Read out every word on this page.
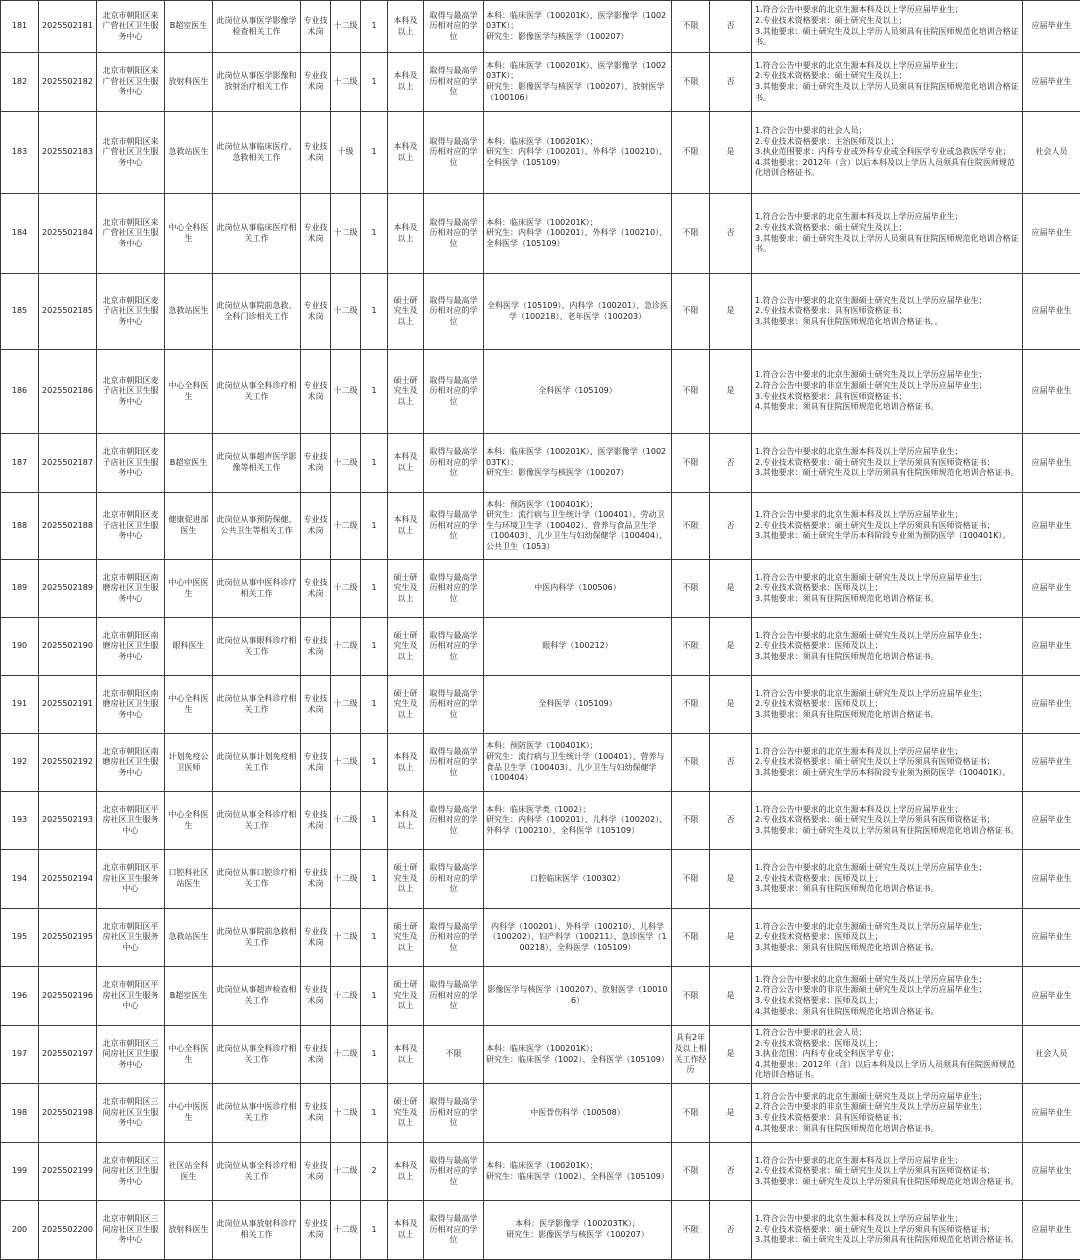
181	2025502181	北京市朝阳区来广营社区卫生服务中心	B超室医生	此岗位从事医学影像学检查相关工作	专业技术岗	十二级	1	本科及以上	取得与最高学历相对应的学位	本科：临床医学（100201K）、医学影像学（100203TK）；
研究生：影像医学与核医学（100207）	不限	否	1.符合公告中要求的北京生源本科及以上学历应届毕业生；
2.专业技术资格要求：硕士研究生及以上；
3.其他要求：硕士研究生及以上学历人员须具有住院医师规范化培训合格证书。	应届毕业生
182	2025502182	北京市朝阳区来广营社区卫生服务中心	放射科医生	此岗位从事医学影像和放射治疗相关工作	专业技术岗	十二级	1	本科及以上	取得与最高学历相对应的学位	本科：临床医学（100201K）、医学影像学（100203TK）；
研究生：影像医学与核医学（100207）、放射医学（100106）	不限	否	1.符合公告中要求的北京生源本科及以上学历应届毕业生；
2.专业技术资格要求：硕士研究生及以上；
3.其他要求：硕士研究生及以上学历人员须具有住院医师规范化培训合格证书。	应届毕业生
183	2025502183	北京市朝阳区来广营社区卫生服务中心	急救站医生	此岗位从事临床医疗、急救相关工作	专业技术岗	十级	1	本科及以上	取得与最高学历相对应的学位	本科：临床医学（100201K）；
研究生：内科学（100201）、外科学（100210）、全科医学（105109）	不限	是	1.符合公告中要求的社会人员；
2.专业技术资格要求：主治医师及以上；
3.执业范围要求：内科专业或外科专业或全科医学专业或急救医学专业；
4.其他要求：2012年（含）以后本科及以上学历人员须具有住院医师规范化培训合格证书。	社会人员
184	2025502184	北京市朝阳区来广营社区卫生服务中心	中心全科医生	此岗位从事临床医疗相关工作	专业技术岗	十二级	1	本科及以上	取得与最高学历相对应的学位	本科：临床医学（100201K）；
研究生：内科学（100201）、外科学（100210）、全科医学（105109）	不限	否	1.符合公告中要求的北京生源本科及以上学历应届毕业生；
2.专业技术资格要求：硕士研究生及以上；
3.其他要求：硕士研究生及以上学历人员须具有住院医师规范化培训合格证书。	应届毕业生
185	2025502185	北京市朝阳区麦子店社区卫生服务中心	急救站医生	此岗位从事院前急救、全科门诊相关工作	专业技术岗	十二级	1	硕士研究生及以上	取得与最高学历相对应的学位	全科医学（105109）、内科学（100201）、急诊医学（100218）、老年医学（100203）	不限	是	1.符合公告中要求的北京生源硕士研究生及以上学历应届毕业生；
2.专业技术资格要求：具有医师资格证书；
3.其他要求：须具有住院医师规范化培训合格证书，。	应届毕业生
186	2025502186	北京市朝阳区麦子店社区卫生服务中心	中心全科医生	此岗位从事全科诊疗相关工作	专业技术岗	十二级	1	硕士研究生及以上	取得与最高学历相对应的学位	全科医学（105109）	不限	是	1.符合公告中要求的北京生源硕士研究生及以上学历应届毕业生；
2.符合公告中要求的非京生源硕士研究生及以上学历应届毕业生；
3.专业技术资格要求：具有医师资格证书；
4.其他要求：须具有住院医师规范化培训合格证书。	应届毕业生
187	2025502187	北京市朝阳区麦子店社区卫生服务中心	B超室医生	此岗位从事超声医学影像等相关工作	专业技术岗	十二级	1	本科及以上	取得与最高学历相对应的学位	本科：临床医学（100201K）、医学影像学（100203TK）；
研究生：影像医学与核医学（100207）	不限	否	1.符合公告中要求的北京生源本科及以上学历应届毕业生；
2.专业技术资格要求：硕士研究生及以上学历须具有医师资格证书；
3.其他要求：硕士研究生及以上学历须具有住院医师规范化培训合格证书。	应届毕业生
188	2025502188	北京市朝阳区麦子店社区卫生服务中心	健康促进部医生	此岗位从事预防保健、公共卫生等相关工作	专业技术岗	十二级	1	本科及以上	取得与最高学历相对应的学位	本科：预防医学（100401K）；
研究生：流行病与卫生统计学（100401）、劳动卫生与环境卫生学（100402）、营养与食品卫生学（100403）、儿少卫生与妇幼保健学（100404）、公共卫生（1053）	不限	否	1.符合公告中要求的北京生源本科及以上学历应届毕业生；
2.专业技术资格要求：硕士研究生及以上学历须具有医师资格证书；
3.其他要求：硕士研究生学历本科阶段专业须为预防医学（100401K）。	应届毕业生
189	2025502189	北京市朝阳区南磨房社区卫生服务中心	中心中医医生	此岗位从事中医科诊疗相关工作	专业技术岗	十二级	1	硕士研究生及以上	取得与最高学历相对应的学位	中医内科学（100506）	不限	是	1.符合公告中要求的北京生源硕士研究生及以上学历应届毕业生；
2.专业技术资格要求：医师及以上；
3.其他要求：须具有住院医师规范化培训合格证书。	应届毕业生
190	2025502190	北京市朝阳区南磨房社区卫生服务中心	眼科医生	此岗位从事眼科诊疗相关工作	专业技术岗	十二级	1	硕士研究生及以上	取得与最高学历相对应的学位	眼科学（100212）	不限	是	1.符合公告中要求的北京生源硕士研究生及以上学历应届毕业生；
2.专业技术资格要求：医师及以上；
3.其他要求：须具有住院医师规范化培训合格证书。	应届毕业生
191	2025502191	北京市朝阳区南磨房社区卫生服务中心	中心全科医生	此岗位从事全科诊疗相关工作	专业技术岗	十二级	1	硕士研究生及以上	取得与最高学历相对应的学位	全科医学（105109）	不限	是	1.符合公告中要求的北京生源硕士研究生及以上学历应届毕业生；
2.专业技术资格要求：医师及以上；
3.其他要求：须具有住院医师规范化培训合格证书。	应届毕业生
192	2025502192	北京市朝阳区南磨房社区卫生服务中心	计划免疫公卫医师	此岗位从事计划免疫相关工作	专业技术岗	十二级	1	本科及以上	取得与最高学历相对应的学位	本科：预防医学（100401K）；
研究生：流行病与卫生统计学（100401）、营养与食品卫生学（100403）、儿少卫生与妇幼保健学（100404）	不限	否	1.符合公告中要求的北京生源本科及以上学历应届毕业生；
2.专业技术资格要求：硕士研究生及以上学历须具有医师资格证书；
3.其他要求：硕士研究生学历本科阶段专业须为预防医学（100401K）。	应届毕业生
193	2025502193	北京市朝阳区平房社区卫生服务中心	中心全科医生	此岗位从事全科诊疗相关工作	专业技术岗	十二级	1	本科及以上	取得与最高学历相对应的学位	本科：临床医学类（1002）；
研究生：内科学（100201）、儿科学（100202）、外科学（100210）、全科医学（105109）	不限	否	1.符合公告中要求的北京生源本科及以上学历应届毕业生；
2.专业技术资格要求：硕士研究生及以上学历须具有医师资格证书；
3.其他要求：硕士研究生及以上学历须具有住院医师规范化培训合格证书。	应届毕业生
194	2025502194	北京市朝阳区平房社区卫生服务中心	口腔科社区站医生	此岗位从事口腔诊疗相关工作	专业技术岗	十二级	1	硕士研究生及以上	取得与最高学历相对应的学位	口腔临床医学（100302）	不限	是	1.符合公告中要求的北京生源硕士研究生及以上学历应届毕业生；
2.专业技术资格要求：医师及以上；
3.其他要求：须具有住院医师规范化培训合格证书。	应届毕业生
195	2025502195	北京市朝阳区平房社区卫生服务中心	急救站医生	此岗位从事院前急救相关工作	专业技术岗	十二级	1	硕士研究生及以上	取得与最高学历相对应的学位	内科学（100201）、外科学（100210）、儿科学（100202）、妇产科学（100211）、急诊医学（100218）、全科医学（105109）	不限	是	1.符合公告中要求的北京生源硕士研究生及以上学历应届毕业生；
2.专业技术资格要求：医师及以上；
3.其他要求：须具有住院医师规范化培训合格证书。	应届毕业生
196	2025502196	北京市朝阳区平房社区卫生服务中心	B超室医生	此岗位从事超声检查相关工作	专业技术岗	十二级	1	硕士研究生及以上	取得与最高学历相对应的学位	影像医学与核医学（100207）、放射医学（100106）	不限	是	1.符合公告中要求的北京生源硕士研究生及以上学历应届毕业生；
2.符合公告中要求的非京生源硕士研究生及以上学历应届毕业生；
3.专业技术资格要求：医师及以上；
4.其他要求：须具有住院医师规范化培训合格证书。	应届毕业生
197	2025502197	北京市朝阳区三间房社区卫生服务中心	中心全科医生	此岗位从事全科诊疗相关工作	专业技术岗	十二级	1	本科及以上	不限	本科：临床医学（100201K）；
研究生：临床医学（1002）、全科医学（105109）	具有2年及以上相关工作经历	是	1.符合公告中要求的社会人员；
2.专业技术资格要求：医师及以上；
3.执业范围：内科专业或全科医学专业；
4.其他要求：2012年（含）以后本科及以上学历人员须具有住院医师规范化培训合格证书。	社会人员
198	2025502198	北京市朝阳区三间房社区卫生服务中心	中心中医医生	此岗位从事中医诊疗相关工作	专业技术岗	十二级	1	硕士研究生及以上	取得与最高学历相对应的学位	中医骨伤科学（100508）	不限	是	1.符合公告中要求的北京生源硕士研究生及以上学历应届毕业生；
2.符合公告中要求的非京生源硕士研究生及以上学历应届毕业生；
3.专业技术资格要求：具有医师资格证书；
4.其他要求：须具有住院医师规范化培训合格证书。	应届毕业生
199	2025502199	北京市朝阳区三间房社区卫生服务中心	社区站全科医生	此岗位从事全科诊疗相关工作	专业技术岗	十二级	2	本科及以上	取得与最高学历相对应的学位	本科：临床医学（100201K）；
研究生：临床医学（1002）、全科医学（105109）	不限	否	1.符合公告中要求的北京生源本科及以上学历应届毕业生；
2.专业技术资格要求：硕士研究生及以上学历须具有医师资格证书；
3.其他要求：硕士研究生及以上学历须具有住院医师规范化培训合格证书。	应届毕业生
200	2025502200	北京市朝阳区三间房社区卫生服务中心	放射科医生	此岗位从事放射科诊疗相关工作	专业技术岗	十二级	1	本科及以上	取得与最高学历相对应的学位	本科：医学影像学（100203TK）；
研究生：影像医学与核医学（100207）	不限	否	1.符合公告中要求的北京生源本科及以上学历应届毕业生；
2.专业技术资格要求：硕士研究生及以上学历须具有医师资格证书；
3.其他要求：硕士研究生及以上学历须具有住院医师规范化培训合格证书。	应届毕业生
